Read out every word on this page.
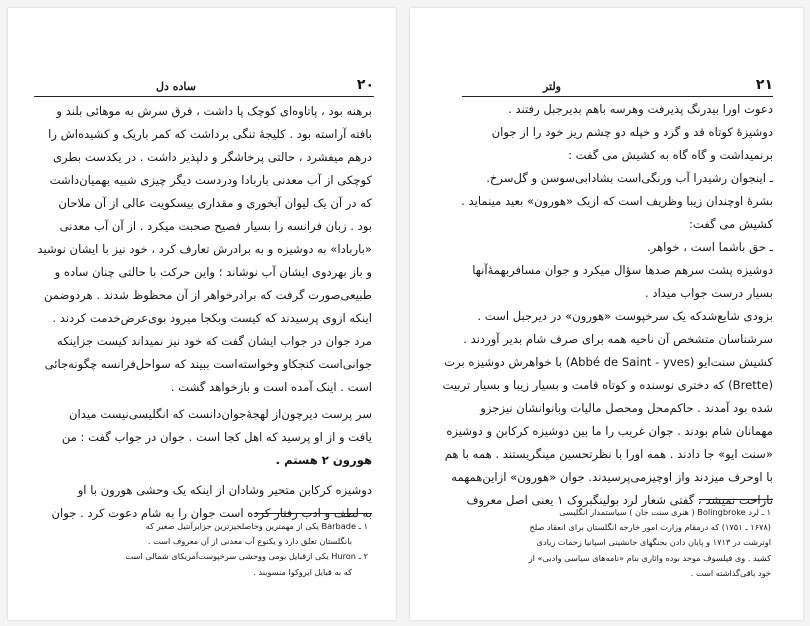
۲۰
ساده دل

برهنه بود ، پاتاوه‌ای کوچک پا داشت ، فرق سرش به موهائی بلند و

بافته آراسته بود . کلیجهٔ تنگی برداشت که کمر باریک و کشیده‌اش را

درهم میفشرد ، حالتی پرخاشگر و دلپذیر داشت . در یکدست بطری

کوچکی از آب معدنی باربادا ودردست دیگر چیزی شبیه بهمیان‌داشت

که در آن یک لیوان آبخوری و مقداری بیسکویت عالی از آن ملاحان

بود . زبان فرانسه را بسیار فصیح صحبت میکرد . از آن آب معدنی

«باربادا» به دوشیزه و به برادرش تعارف کرد ، خود نیز با ایشان نوشید

و باز بهردوی ایشان آب نوشاند ؛ واین حرکت با حالتی چنان ساده و

طبیعی‌صورت گرفت که برادرخواهر از آن محظوظ شدند . هردوضمن

اینکه ازوی پرسیدند که کیست وبکجا میرود بوی‌عرض‌خدمت کردند .

مرد جوان در جواب ایشان گفت که خود نیز نمیداند کیست جزاینکه

جوانی‌است کنجکاو وخواسته‌است ببیند که سواحل‌فرانسه چگونه‌جائی

است . اینک آمده است و بازخواهد گشت .

سر پرست دیرچون‌از لهجهٔ‌جوان‌دانست که انگلیسی‌نیست میدان

یافت و از او پرسید که اهل کجا است . جوان در جواب گفت : من

هورون ۲ هستم .

دوشیزه کرکابن متحیر وشادان از اینکه یک وحشی هورون با او

به لطف و ادب رفتار کرده است جوان را به شام دعوت کرد . جوان

۱ ـ Barbade یکی از مهمترین وحاصلخیزترین جزایرآنتیل صغیر که

بانگلستان تعلق دارد و یکنوع آب معدنی از آن معروف است .

۲ ـ Huron یکی ازقبایل بومی ووحشی سرخپوست‌آمریکای شمالی است

که به قبایل ایروکوا منسوبند .

۲۱
ولتر

دعوت اورا بیدرنگ پذیرفت وهرسه باهم بدیرجبل رفتند .

دوشیزهٔ کوتاه قد و گرد و خپله دو چشم ریز خود را از جوان

برنمیداشت و گاه گاه به کشیش می گفت :

ـ اینجوان رشیدرا آب ورنگی‌است بشادابی‌سوسن و گل‌سرخ.

بشرهٔ اوچندان زیبا وظریف است که ازیک «هورون» بعید مینماید .

کشیش می گفت:

ـ حق باشما است ، خواهر.

دوشیزه پشت سرهم صدها سؤال میکرد و جوان مسافربهمهٔ‌آنها

بسیار درست جواب میداد .

بزودی شایع‌شد‌که یک سرخپوست «هورون» در دیرجبل است .

سرشناسان متشخص آن ناحیه همه برای صرف شام بدیر آوردند .

کشیش سنت‌ایو (Abbé de Saint - yves) با خواهرش دوشیزه برت

(Brette) که دختری نوسنده و کوتاه قامت و بسیار زیبا و بسیار تربیت

شده بود آمدند . حاکم‌محل ومحصل مالیات وبانوانشان نیزجزو

مهمانان شام بودند . جوان غریب را ما بین دوشیزه کرکابن و دوشیزه

«سنت ایو» جا دادند . همه اورا با نظرتحسین مینگریستند . همه با هم

با اوحرف میزدند واز اوچیزمی‌پرسیدند. جوان «هورون» ازاین‌همهمه

ناراحت نمیشد ، گفتی شعار لرد بولینگبروک ۱ یعنی اصل معروف

۱ ـ لرد Bolingbroke ( هنری سنت جان ) سیاستمدار انگلیسی

(۱۶۷۸ ـ ۱۷۵۱) که درمقام وزارت امور خارجه انگلستان برای انعقاد صلح

اوترشت در ۱۷۱۳ و پایان دادن بجنگهای جانشینی اسپانیا زحمات زیادی

کشید . وی فیلسوف موحد بوده واثاری بنام «نامه‌های سیاسی وادبی» از

خود باقی‌گذاشته است .
